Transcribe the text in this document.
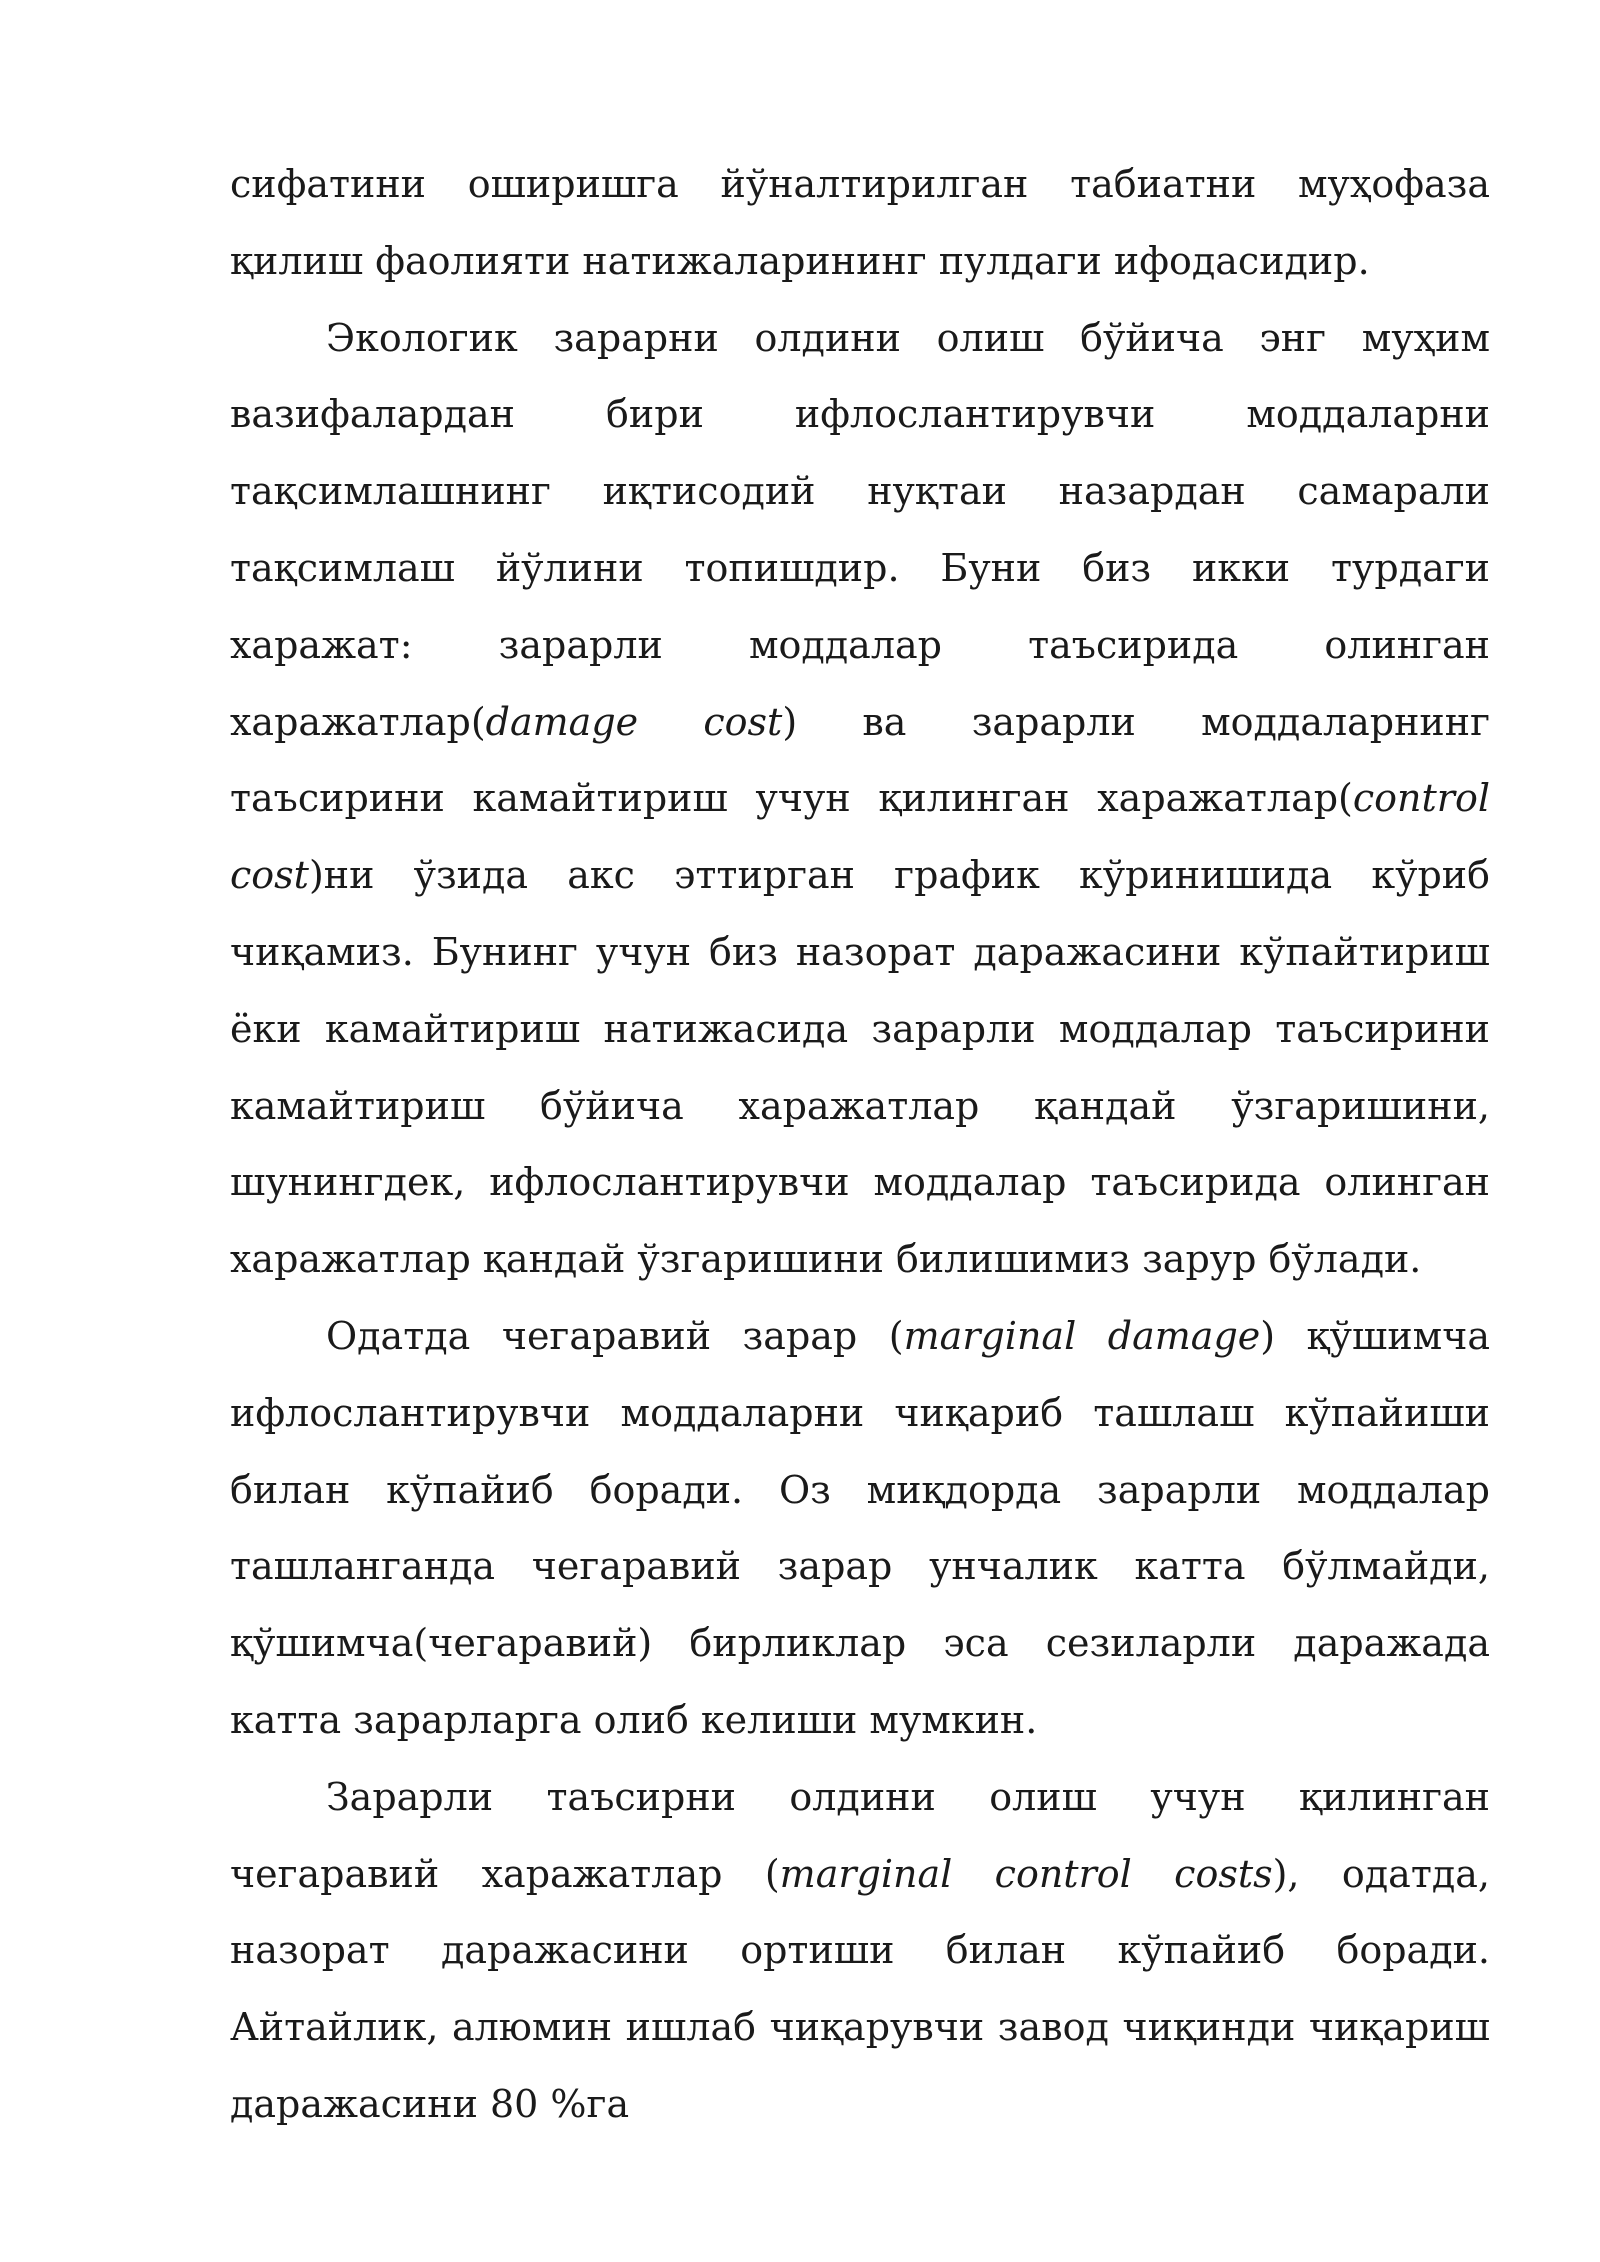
сифатини оширишга йўналтирилган табиатни муҳофаза қилиш фаолияти натижаларининг пулдаги ифодасидир.

Экологик зарарни олдини олиш бўйича энг муҳим вазифалардан бири ифлослантирувчи моддаларни тақсимлашнинг иқтисодий нуқтаи назардан самарали тақсимлаш йўлини топишдир. Буни биз икки турдаги харажат: зарарли моддалар таъсирида олинган харажатлар(damage cost) ва зарарли моддаларнинг таъсирини камайтириш учун қилинган харажатлар(control cost)ни ўзида акс эттирган график кўринишида кўриб чиқамиз. Бунинг учун биз назорат даражасини кўпайтириш ёки камайтириш натижасида зарарли моддалар таъсирини камайтириш бўйича харажатлар қандай ўзгаришини, шунингдек, ифлослантирувчи моддалар таъсирида олинган харажатлар қандай ўзгаришини билишимиз зарур бўлади.

Одатда чегаравий зарар (marginal damage) қўшимча ифлослантирувчи моддаларни чиқариб ташлаш кўпайиши билан кўпайиб боради. Оз миқдорда зарарли моддалар ташланганда чегаравий зарар унчалик катта бўлмайди, қўшимча(чегаравий) бирликлар эса сезиларли даражада катта зарарларга олиб келиши мумкин.

Зарарли таъсирни олдини олиш учун қилинган чегаравий харажатлар (marginal control costs), одатда, назорат даражасини ортиши билан кўпайиб боради. Айтайлик, алюмин ишлаб чиқарувчи завод чиқинди чиқариш даражасини 80 %га
